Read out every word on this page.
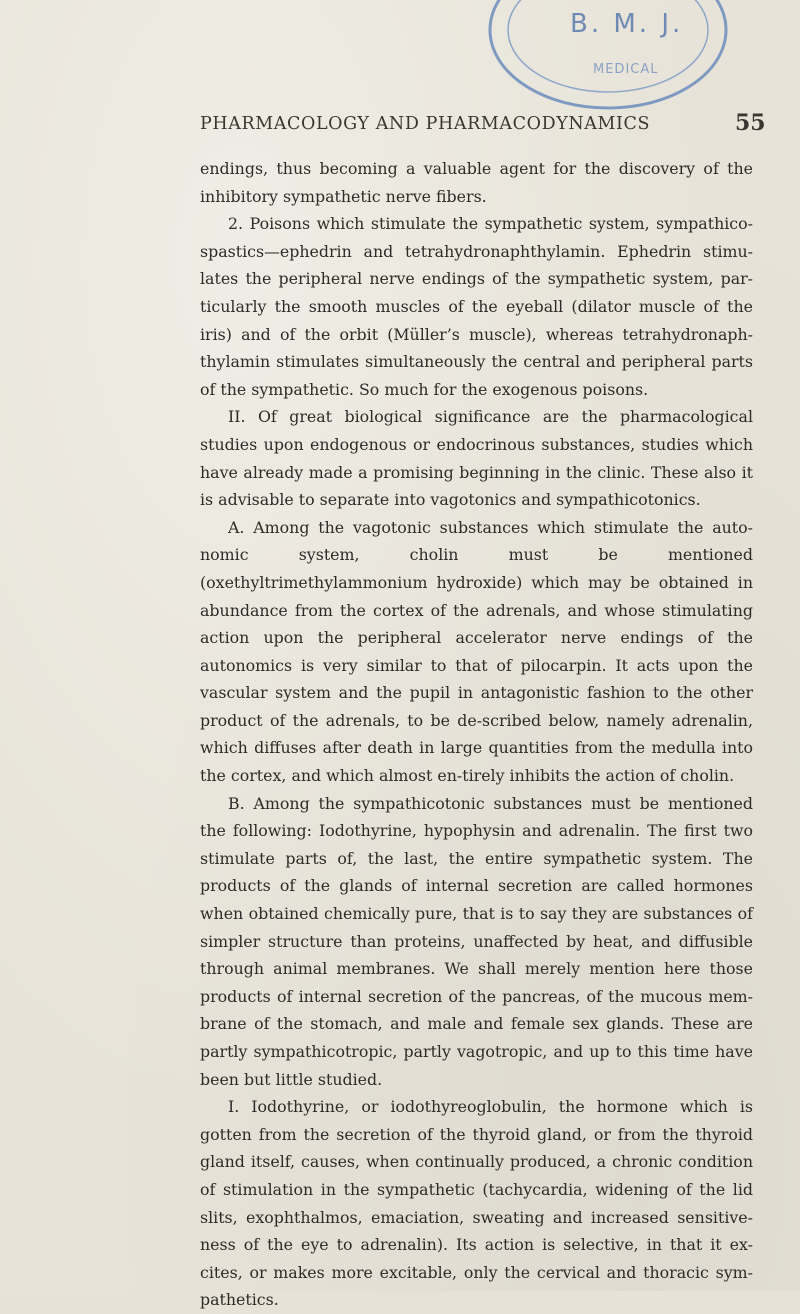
B. M. J.
MEDICAL
PHARMACOLOGY AND PHARMACODYNAMICS	55

endings, thus becoming a valuable agent for the discovery of the inhibitory sympathetic nerve fibers.

2. Poisons which stimulate the sympathetic system, sympathico-spastics—ephedrin and tetrahydronaphthylamin. Ephedrin stimu-lates the peripheral nerve endings of the sympathetic system, par-ticularly the smooth muscles of the eyeball (dilator muscle of the iris) and of the orbit (Müller’s muscle), whereas tetrahydronaph-thylamin stimulates simultaneously the central and peripheral parts of the sympathetic. So much for the exogenous poisons.

II. Of great biological significance are the pharmacological studies upon endogenous or endocrinous substances, studies which have already made a promising beginning in the clinic. These also it is advisable to separate into vagotonics and sympathicotonics.

A. Among the vagotonic substances which stimulate the auto-nomic system, cholin must be mentioned (oxethyltrimethylammonium hydroxide) which may be obtained in abundance from the cortex of the adrenals, and whose stimulating action upon the peripheral accelerator nerve endings of the autonomics is very similar to that of pilocarpin. It acts upon the vascular system and the pupil in antagonistic fashion to the other product of the adrenals, to be de-scribed below, namely adrenalin, which diffuses after death in large quantities from the medulla into the cortex, and which almost en-tirely inhibits the action of cholin.

B. Among the sympathicotonic substances must be mentioned the following: Iodothyrine, hypophysin and adrenalin. The first two stimulate parts of, the last, the entire sympathetic system. The products of the glands of internal secretion are called hormones when obtained chemically pure, that is to say they are substances of simpler structure than proteins, unaffected by heat, and diffusible through animal membranes. We shall merely mention here those products of internal secretion of the pancreas, of the mucous mem-brane of the stomach, and male and female sex glands. These are partly sympathicotropic, partly vagotropic, and up to this time have been but little studied.

I. Iodothyrine, or iodothyreoglobulin, the hormone which is gotten from the secretion of the thyroid gland, or from the thyroid gland itself, causes, when continually produced, a chronic condition of stimulation in the sympathetic (tachycardia, widening of the lid slits, exophthalmos, emaciation, sweating and increased sensitive-ness of the eye to adrenalin). Its action is selective, in that it ex-cites, or makes more excitable, only the cervical and thoracic sym-pathetics.
